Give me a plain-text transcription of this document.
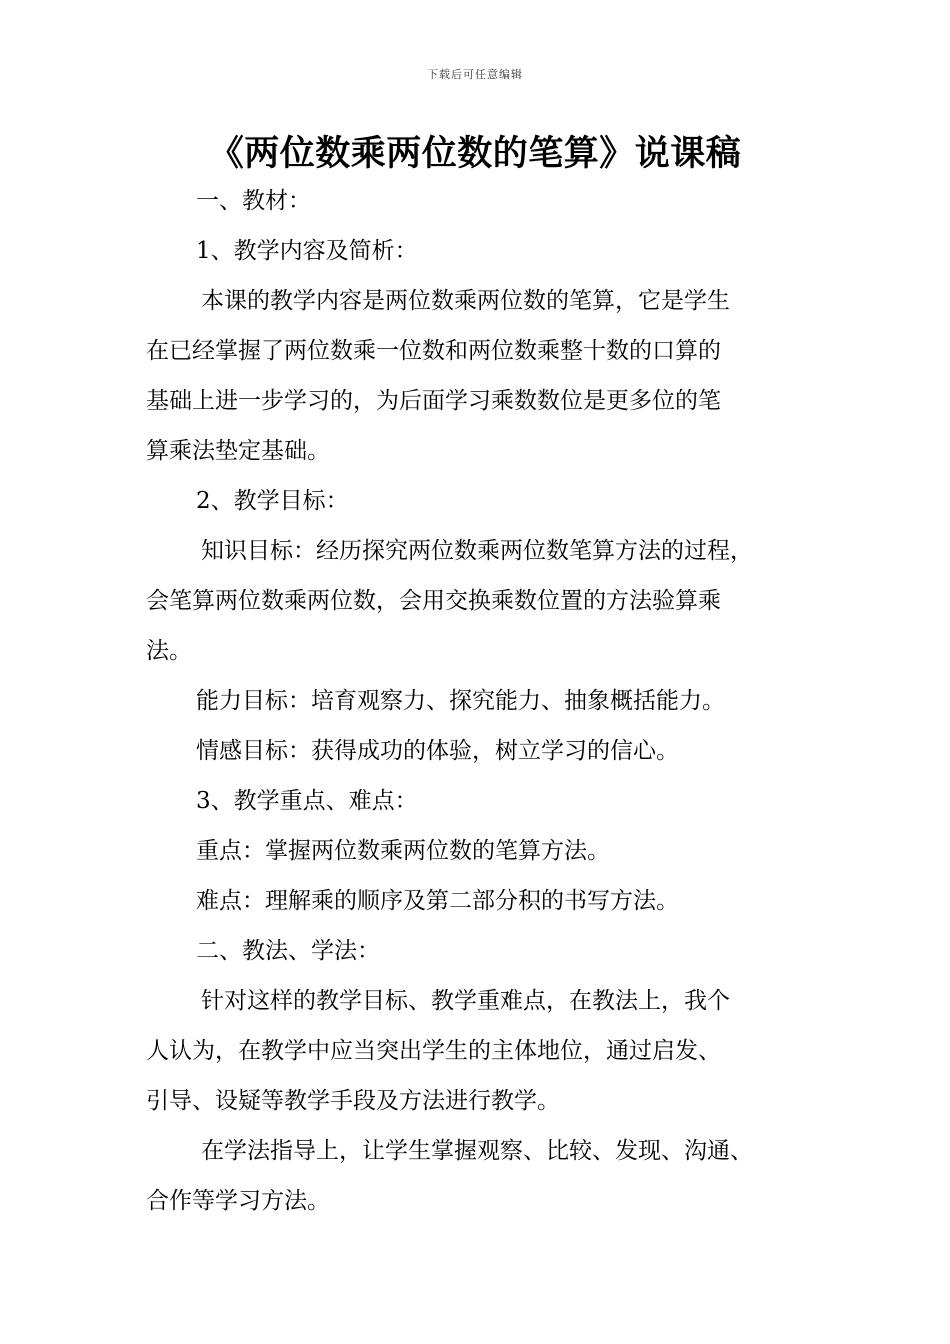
下载后可任意编辑
《两位数乘两位数的笔算》说课稿
一、教材：
1、教学内容及简析：
本课的教学内容是两位数乘两位数的笔算，它是学生
在已经掌握了两位数乘一位数和两位数乘整十数的口算的
基础上进一步学习的，为后面学习乘数数位是更多位的笔
算乘法垫定基础。
2、教学目标：
知识目标：经历探究两位数乘两位数笔算方法的过程，
会笔算两位数乘两位数，会用交换乘数位置的方法验算乘
法。
能力目标：培育观察力、探究能力、抽象概括能力。
情感目标：获得成功的体验，树立学习的信心。
3、教学重点、难点：
重点：掌握两位数乘两位数的笔算方法。
难点：理解乘的顺序及第二部分积的书写方法。
二、教法、学法：
针对这样的教学目标、教学重难点，在教法上，我个
人认为，在教学中应当突出学生的主体地位，通过启发、
引导、设疑等教学手段及方法进行教学。
在学法指导上，让学生掌握观察、比较、发现、沟通、
合作等学习方法。
